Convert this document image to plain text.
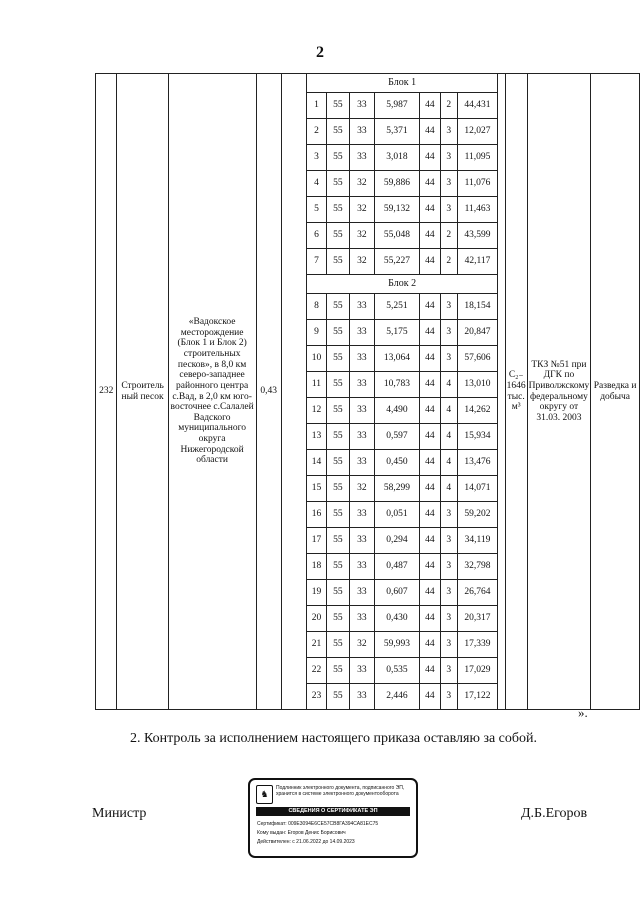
2
232	Строитель ный песок	«Вадокское месторождение (Блок 1 и Блок 2) строительных песков», в 8,0 км северо-западнее районного центра с.Вад, в 2,0 км юго-восточнее с.Салалей Вадского муниципального округа Нижегородской области	0,43		Блок 1								C₂₋ 1646 тыс. м³	ТКЗ №51 при ДГК по Приволжскому федеральному округу от 31.03. 2003	Разведка и добыча
					1	55	33	5,987	44	2	44,431				
					2	55	33	5,371	44	3	12,027				
					3	55	33	3,018	44	3	11,095				
					4	55	32	59,886	44	3	11,076				
					5	55	32	59,132	44	3	11,463				
					6	55	32	55,048	44	2	43,599				
					7	55	32	55,227	44	2	42,117				
					Блок 2										
					8	55	33	5,251	44	3	18,154				
					9	55	33	5,175	44	3	20,847				
					10	55	33	13,064	44	3	57,606				
					11	55	33	10,783	44	4	13,010				
					12	55	33	4,490	44	4	14,262				
					13	55	33	0,597	44	4	15,934				
					14	55	33	0,450	44	4	13,476				
					15	55	32	58,299	44	4	14,071				
					16	55	33	0,051	44	3	59,202				
					17	55	33	0,294	44	3	34,119				
					18	55	33	0,487	44	3	32,798				
					19	55	33	0,607	44	3	26,764				
					20	55	33	0,430	44	3	20,317				
					21	55	32	59,993	44	3	17,339				
					22	55	33	0,535	44	3	17,029				
					23	55	33	2,446	44	3	17,122				
».
2. Контроль за исполнением настоящего приказа оставляю за собой.
Министр	Д.Б.Егоров
♞
Подлинник электронного документа, подписанного ЭП, хранится в системе электронного документооборота
СВЕДЕНИЯ О СЕРТИФИКАТЕ ЭП
Сертификат: 009Е3094Е6СЕ57СВ8ГА394СА81ЕС75
Кому выдан: Егоров Денис Борисович
Действителен: с 21.06.2022 до 14.09.2023
